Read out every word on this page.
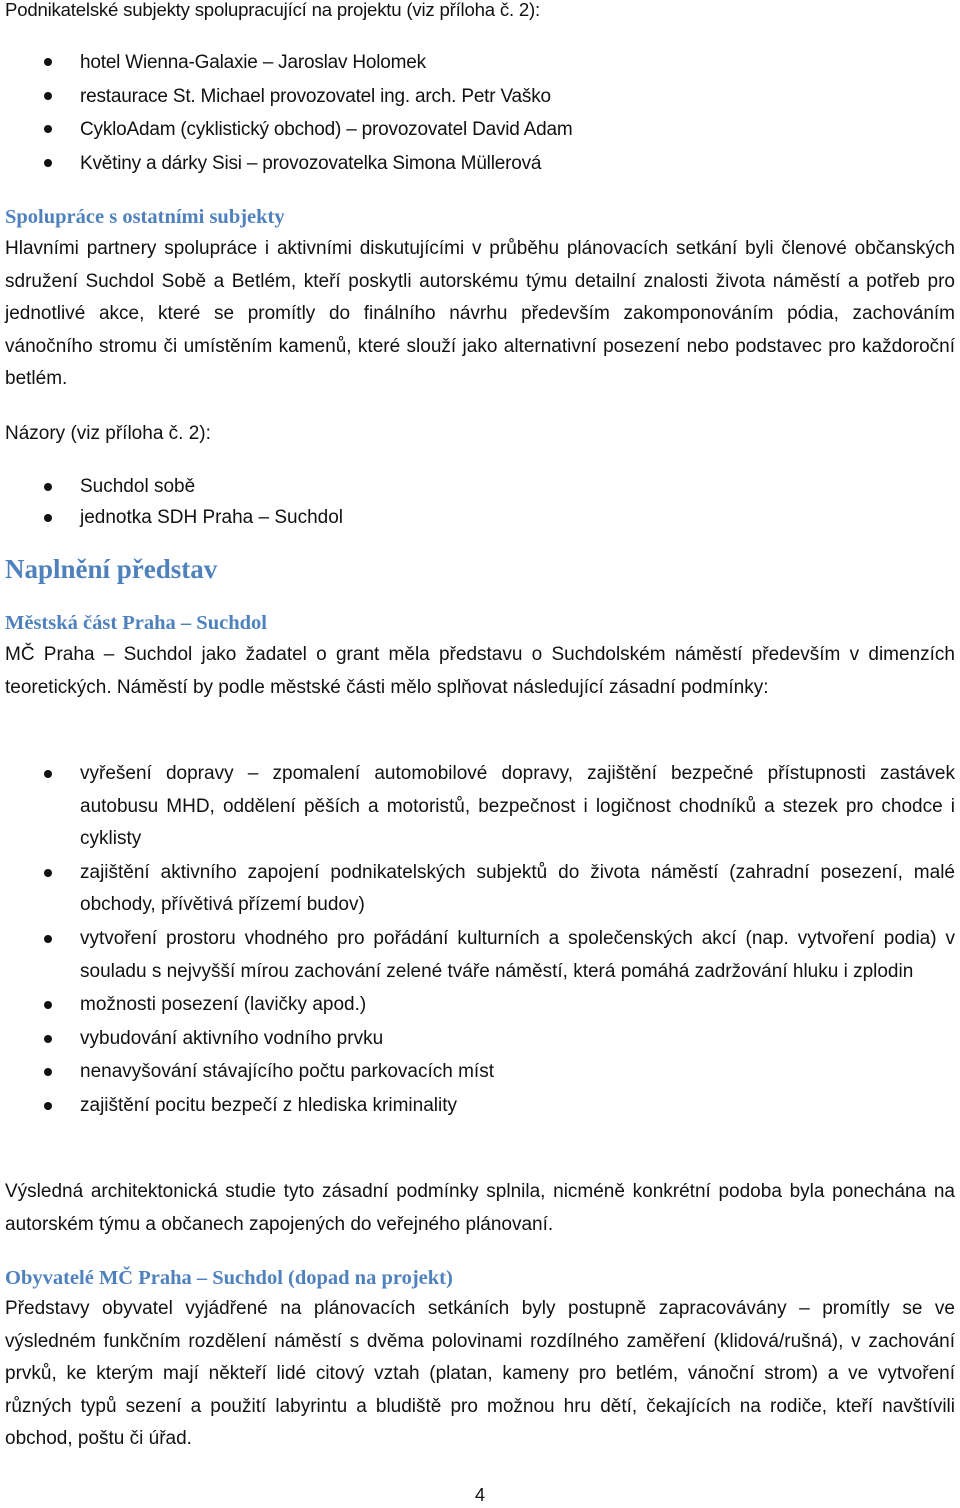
Podnikatelské subjekty spolupracující na projektu (viz příloha č. 2):

hotel Wienna-Galaxie – Jaroslav Holomek
restaurace St. Michael provozovatel ing. arch. Petr Vaško
CykloAdam (cyklistický obchod) – provozovatel David Adam
Květiny a dárky Sisi – provozovatelka Simona Müllerová
Spolupráce s ostatními subjekty

Hlavními partnery spolupráce i aktivními diskutujícími v průběhu plánovacích setkání byli členové občanských sdružení Suchdol Sobě a Betlém, kteří poskytli autorskému týmu detailní znalosti života náměstí a potřeb pro jednotlivé akce, které se promítly do finálního návrhu především zakomponováním pódia, zachováním vánočního stromu či umístěním kamenů, které slouží jako alternativní posezení nebo podstavec pro každoroční betlém.

Názory (viz příloha č. 2):

Suchdol sobě
jednotka SDH Praha – Suchdol
Naplnění představ
Městská část Praha – Suchdol

MČ Praha – Suchdol jako žadatel o grant měla představu o Suchdolském náměstí především v dimenzích teoretických. Náměstí by podle městské části mělo splňovat následující zásadní podmínky:

vyřešení dopravy – zpomalení automobilové dopravy, zajištění bezpečné přístupnosti zastávek autobusu MHD, oddělení pěších a motoristů, bezpečnost i logičnost chodníků a stezek pro chodce i cyklisty
zajištění aktivního zapojení podnikatelských subjektů do života náměstí (zahradní posezení, malé obchody, přívětivá přízemí budov)
vytvoření prostoru vhodného pro pořádání kulturních a společenských akcí (nap. vytvoření podia) v souladu s nejvyšší mírou zachování zelené tváře náměstí, která pomáhá zadržování hluku i zplodin
možnosti posezení (lavičky apod.)
vybudování aktivního vodního prvku
nenavyšování stávajícího počtu parkovacích míst
zajištění pocitu bezpečí z hlediska kriminality

Výsledná architektonická studie tyto zásadní podmínky splnila, nicméně konkrétní podoba byla ponechána na autorském týmu a občanech zapojených do veřejného plánovaní.

Obyvatelé MČ Praha – Suchdol (dopad na projekt)

Představy obyvatel vyjádřené na plánovacích setkáních byly postupně zapracovávány – promítly se ve výsledném funkčním rozdělení náměstí s dvěma polovinami rozdílného zaměření (klidová/rušná), v zachování prvků, ke kterým mají někteří lidé citový vztah (platan, kameny pro betlém, vánoční strom) a ve vytvoření různých typů sezení a použití labyrintu a bludiště pro možnou hru dětí, čekajících na rodiče, kteří navštívili obchod, poštu či úřad.

4
